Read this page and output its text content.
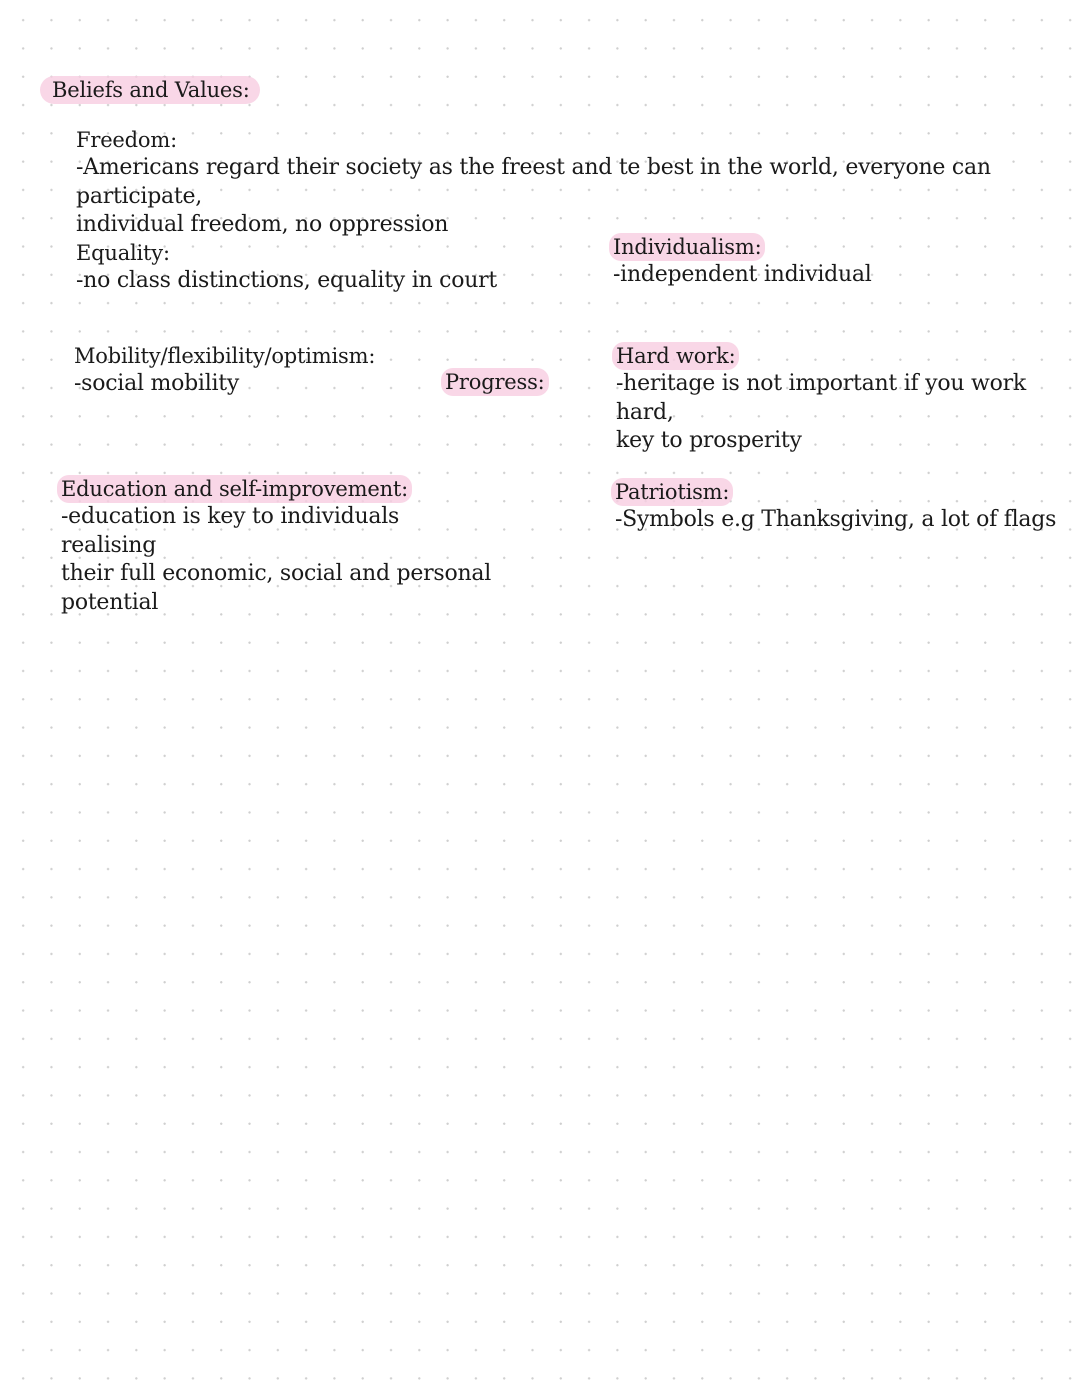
Beliefs and Values:
Freedom:

-Americans regard their society as the freest and te best in the world, everyone can participate,

individual freedom, no oppression

Equality:

-no class distinctions, equality in court

Individualism:

-independent individual

Mobility/flexibility/optimism:

-social mobility	Progress:
Hard work:

-heritage is not important if you work hard,

key to prosperity

Education and self-improvement:

-education is key to individuals realising

their full economic, social and personal

potential

Patriotism:

-Symbols e.g Thanksgiving, a lot of flags
